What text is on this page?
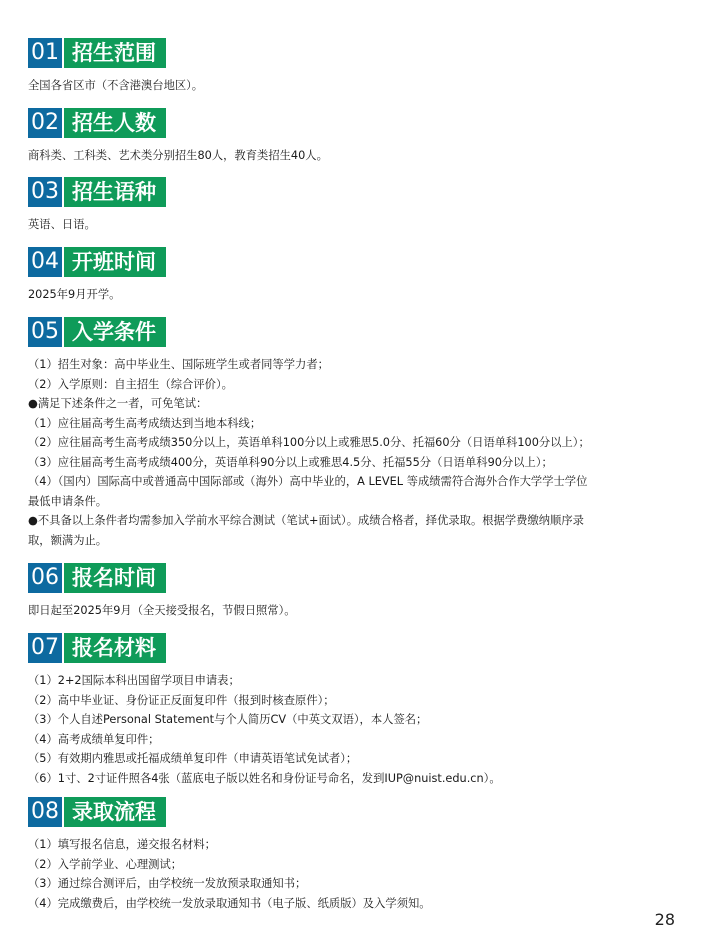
01 招生范围

全国各省区市（不含港澳台地区）。

02 招生人数

商科类、工科类、艺术类分别招生80人，教育类招生40人。

03 招生语种

英语、日语。

04 开班时间

2025年9月开学。

05 入学条件

（1）招生对象：高中毕业生、国际班学生或者同等学力者；

（2）入学原则：自主招生（综合评价）。

●满足下述条件之一者，可免笔试：

（1）应往届高考生高考成绩达到当地本科线；

（2）应往届高考生高考成绩350分以上，英语单科100分以上或雅思5.0分、托福60分（日语单科100分以上）；

（3）应往届高考生高考成绩400分，英语单科90分以上或雅思4.5分、托福55分（日语单科90分以上）；

（4）（国内）国际高中或普通高中国际部或（海外）高中毕业的，A LEVEL 等成绩需符合海外合作大学学士学位

最低申请条件。

●不具备以上条件者均需参加入学前水平综合测试（笔试+面试）。成绩合格者，择优录取。根据学费缴纳顺序录

取，额满为止。

06 报名时间

即日起至2025年9月（全天接受报名，节假日照常）。

07 报名材料

（1）2+2国际本科出国留学项目申请表；

（2）高中毕业证、身份证正反面复印件（报到时核查原件）；

（3）个人自述Personal Statement与个人简历CV（中英文双语），本人签名；

（4）高考成绩单复印件；

（5）有效期内雅思或托福成绩单复印件（申请英语笔试免试者）；

（6）1寸、2寸证件照各4张（蓝底电子版以姓名和身份证号命名，发到IUP@nuist.edu.cn）。

08 录取流程

（1）填写报名信息，递交报名材料；

（2）入学前学业、心理测试；

（3）通过综合测评后，由学校统一发放预录取通知书；

（4）完成缴费后，由学校统一发放录取通知书（电子版、纸质版）及入学须知。

28
